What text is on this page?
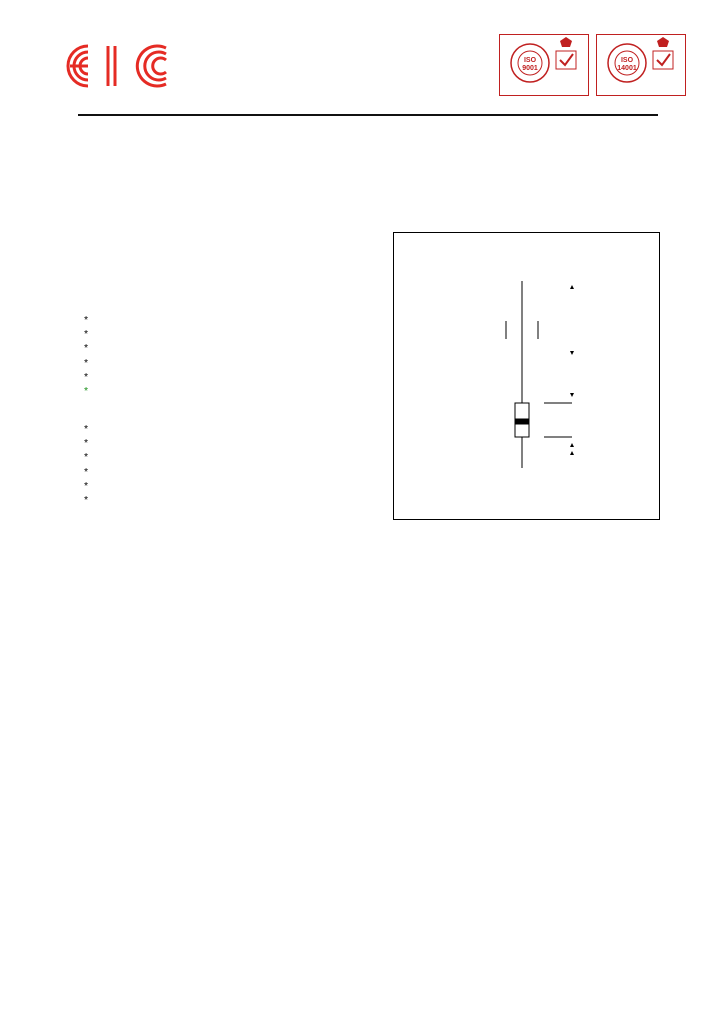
ISO
9001
ISO
14001
*
*
*
*
*
*
*
*
*
*
*
*
